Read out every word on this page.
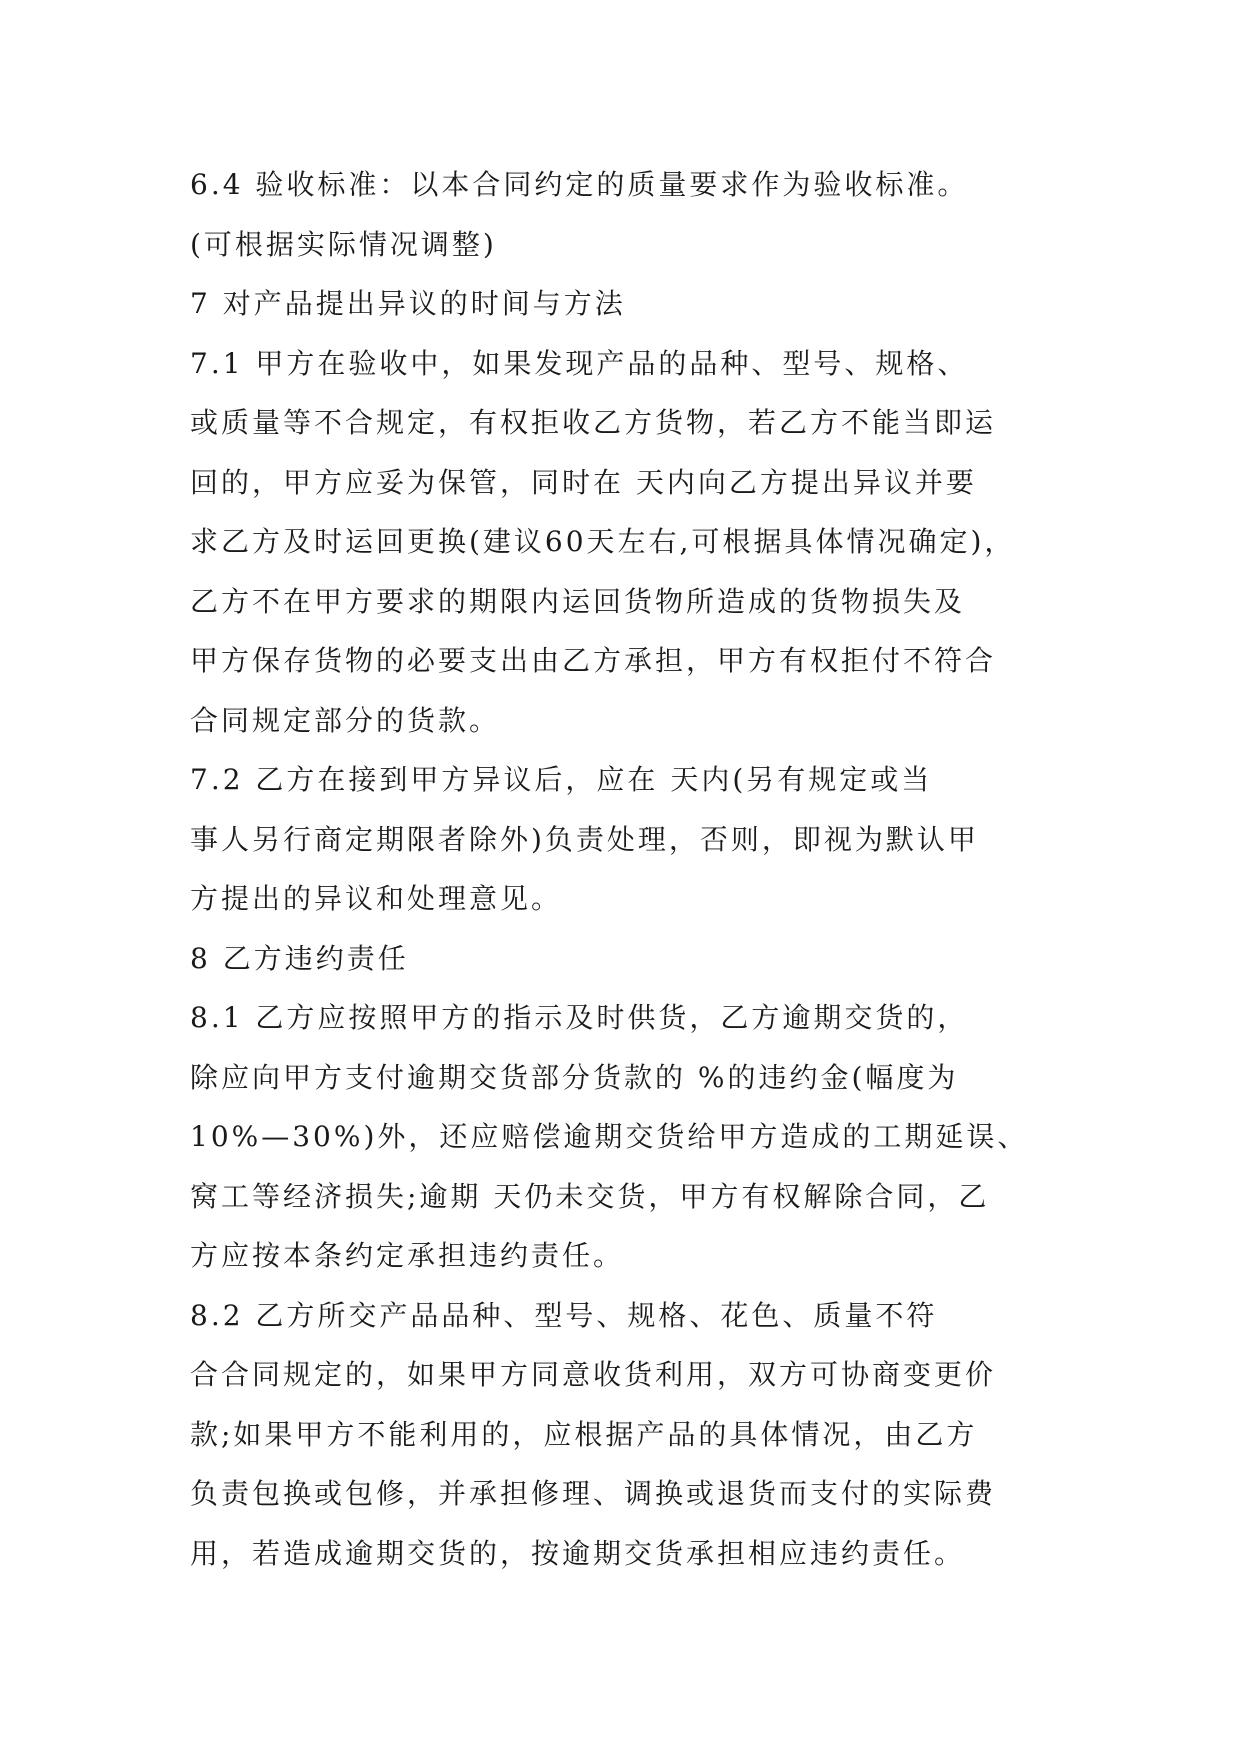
6.4 验收标准：以本合同约定的质量要求作为验收标准。
(可根据实际情况调整)

7 对产品提出异议的时间与方法

7.1 甲方在验收中，如果发现产品的品种、型号、规格、
或质量等不合规定，有权拒收乙方货物，若乙方不能当即运
回的，甲方应妥为保管，同时在 天内向乙方提出异议并要
求乙方及时运回更换(建议60天左右,可根据具体情况确定)，
乙方不在甲方要求的期限内运回货物所造成的货物损失及
甲方保存货物的必要支出由乙方承担，甲方有权拒付不符合
合同规定部分的货款。

7.2 乙方在接到甲方异议后，应在 天内(另有规定或当
事人另行商定期限者除外)负责处理，否则，即视为默认甲
方提出的异议和处理意见。

8 乙方违约责任

8.1 乙方应按照甲方的指示及时供货，乙方逾期交货的，
除应向甲方支付逾期交货部分货款的 %的违约金(幅度为
10%—30%)外，还应赔偿逾期交货给甲方造成的工期延误、
窝工等经济损失;逾期 天仍未交货，甲方有权解除合同，乙
方应按本条约定承担违约责任。

8.2 乙方所交产品品种、型号、规格、花色、质量不符
合合同规定的，如果甲方同意收货利用，双方可协商变更价
款;如果甲方不能利用的，应根据产品的具体情况，由乙方
负责包换或包修，并承担修理、调换或退货而支付的实际费
用，若造成逾期交货的，按逾期交货承担相应违约责任。
